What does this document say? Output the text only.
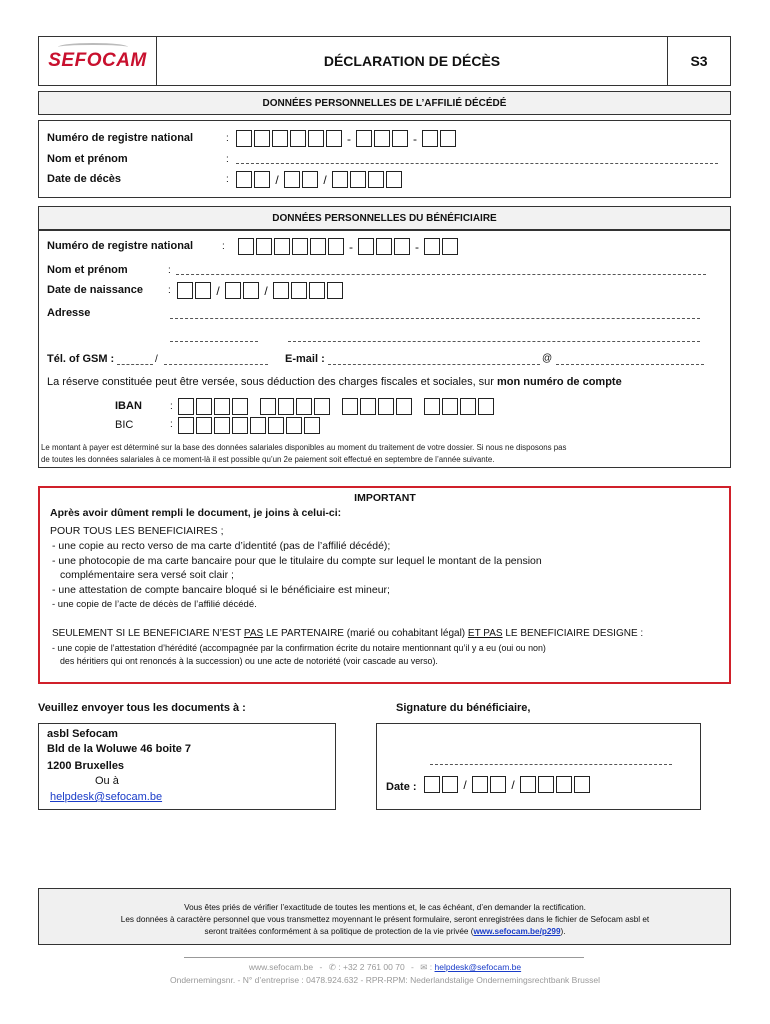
SEFOCAM	DÉCLARATION DE DÉCÈS	S3
DONNÉES PERSONNELLES DE L’AFFILIÉ DÉCÉDÉ
Numéro de registre national	:	-	-
Nom et prénom	:
Date de décès	:	/	/
DONNÉES PERSONNELLES DU BÉNÉFICIAIRE
Numéro de registre national	:	-	-
Nom et prénom	:
Date de naissance	:	/	/
Adresse
Tél. of GSM :	/	E-mail :	@
La réserve constituée peut être versée, sous déduction des charges fiscales et sociales, sur mon numéro de compte
IBAN	:
BIC	:
Le montant à payer est déterminé sur la base des données salariales disponibles au moment du traitement de votre dossier. Si nous ne disposons pas
de toutes les données salariales à ce moment-là il est possible qu’un 2e paiement soit effectué en septembre de l’année suivante.
IMPORTANT
Après avoir dûment rempli le document, je joins à celui-ci:
POUR TOUS LES BENEFICIAIRES ;
- une copie au recto verso de ma carte d’identité (pas de l’affilié décédé);
- une photocopie de ma carte bancaire pour que le titulaire du compte sur lequel le montant de la pension
complémentaire sera versé soit clair ;
- une attestation de compte bancaire bloqué si le bénéficiaire est mineur;
- une copie de l’acte de décès de l’affilié décédé.
SEULEMENT SI LE BENEFICIARE N’EST PAS LE PARTENAIRE (marié ou cohabitant légal) ET PAS LE BENEFICIAIRE DESIGNE :
- une copie de l’attestation d’hérédité (accompagnée par la confirmation écrite du notaire mentionnant qu’il y a eu (oui ou non)
des héritiers qui ont renoncés à la succession) ou une acte de notoriété (voir cascade au verso).
Veuillez envoyer tous les documents à :	Signature du bénéficiaire,
asbl Sefocam
Bld de la Woluwe 46 boite 7
1200 Bruxelles
Ou à
helpdesk@sefocam.be
Date :	/	/
Vous êtes priés de vérifier l’exactitude de toutes les mentions et, le cas échéant, d’en demander la rectification.
Les données à caractère personnel que vous transmettez moyennant le présent formulaire, seront enregistrées dans le fichier de Sefocam asbl et
seront traitées conformément à sa politique de protection de la vie privée (www.sefocam.be/p299).
www.sefocam.be - ✆ : +32 2 761 00 70 - ✉ : helpdesk@sefocam.be
Ondernemingsnr. - N° d’entreprise : 0478.924.632 - RPR-RPM: Nederlandstalige Ondernemingsrechtbank Brussel
